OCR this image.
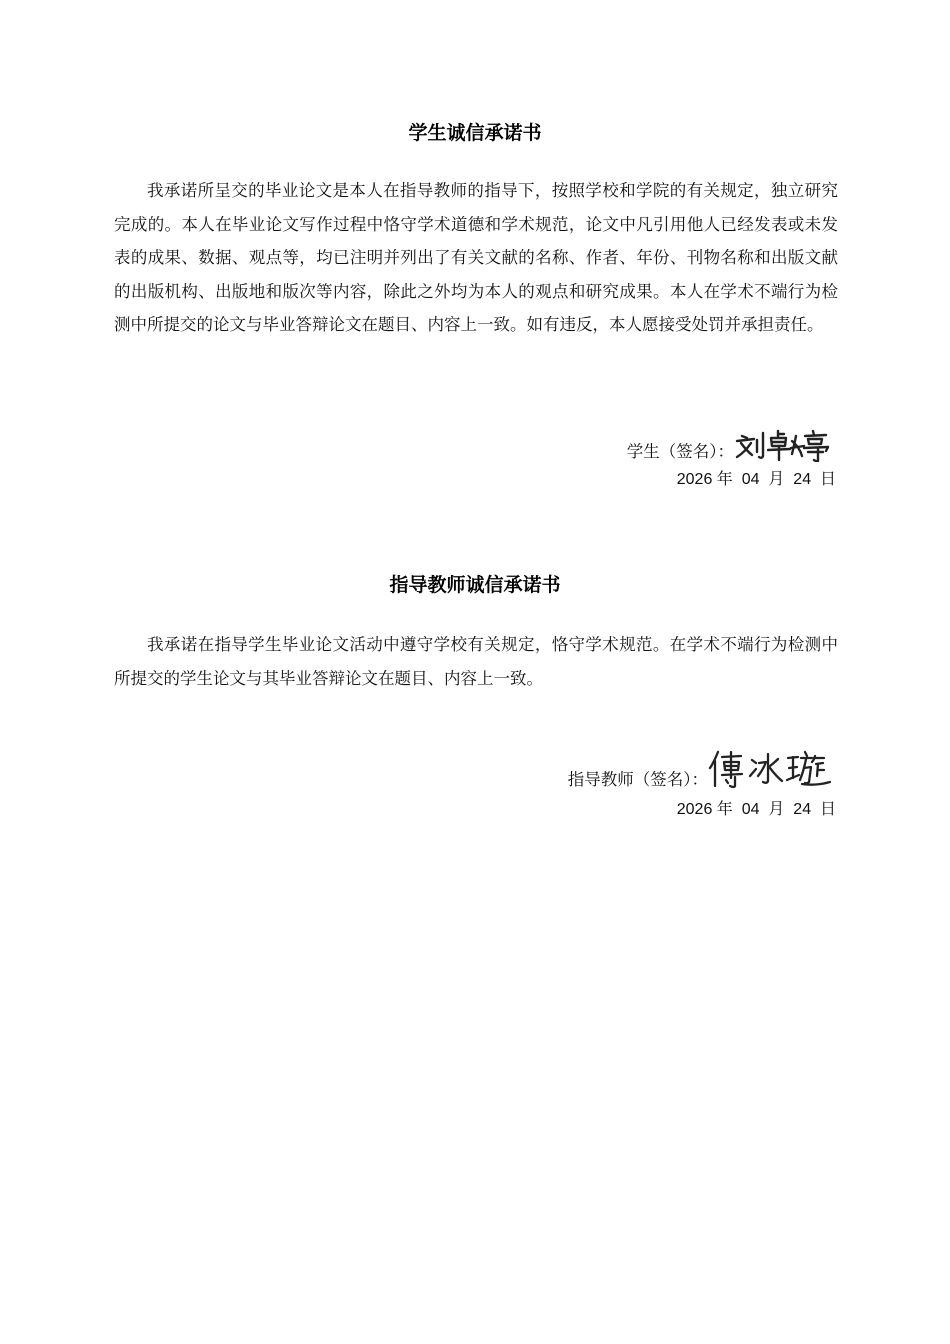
学生诚信承诺书
我承诺所呈交的毕业论文是本人在指导教师的指导下，按照学校和学院的有关规定，独立研究完成的。本人在毕业论文写作过程中恪守学术道德和学术规范，论文中凡引用他人已经发表或未发表的成果、数据、观点等，均已注明并列出了有关文献的名称、作者、年份、刊物名称和出版文献的出版机构、出版地和版次等内容，除此之外均为本人的观点和研究成果。本人在学术不端行为检测中所提交的论文与毕业答辩论文在题目、内容上一致。如有违反，本人愿接受处罚并承担责任。
学生（签名）：
2026 年 04 月 24 日
指导教师诚信承诺书
我承诺在指导学生毕业论文活动中遵守学校有关规定，恪守学术规范。在学术不端行为检测中所提交的学生论文与其毕业答辩论文在题目、内容上一致。
指导教师（签名）：
2026 年 04 月 24 日
